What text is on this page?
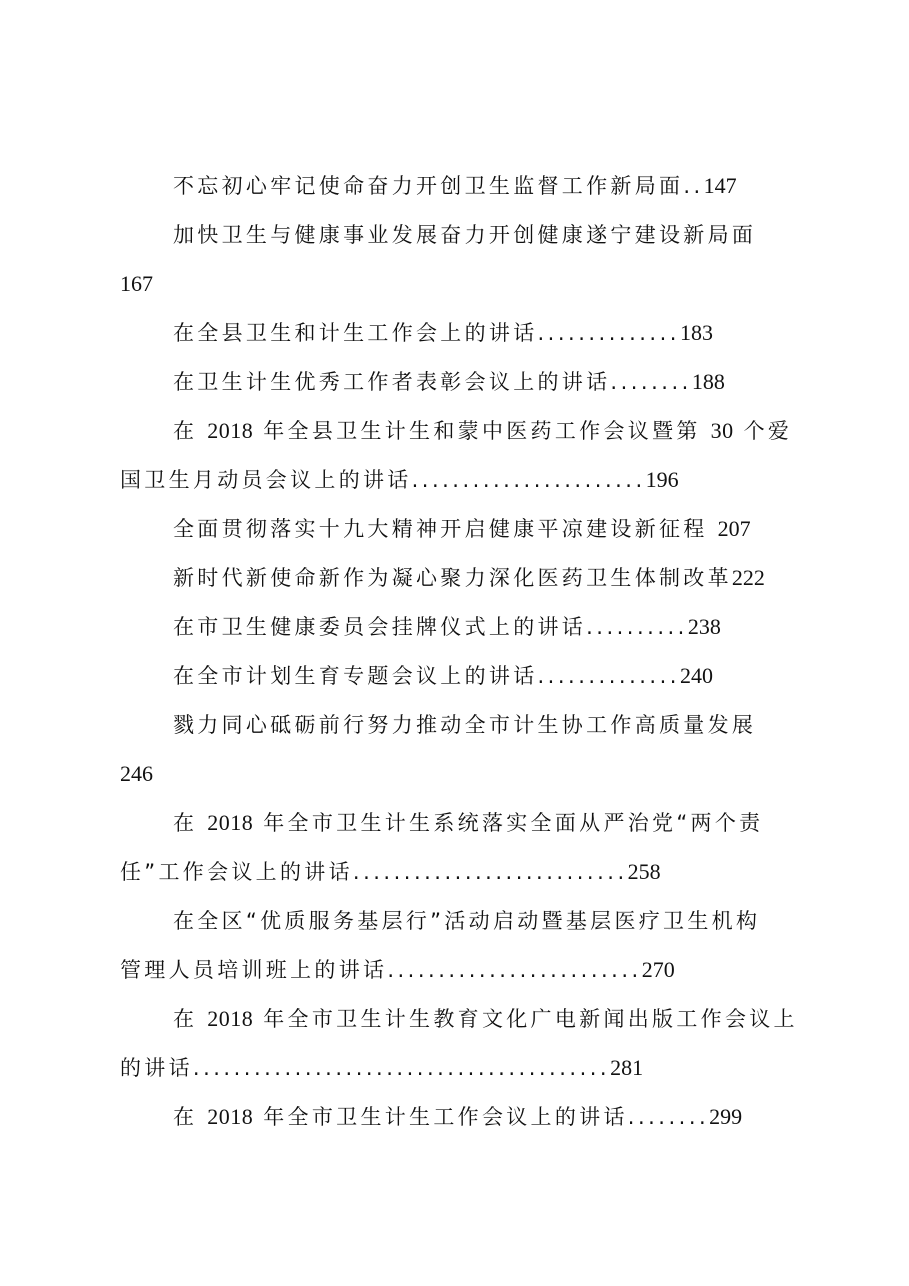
不忘初心牢记使命奋力开创卫生监督工作新局面..147
加快卫生与健康事业发展奋力开创健康遂宁建设新局面
167
在全县卫生和计生工作会上的讲话..............183
在卫生计生优秀工作者表彰会议上的讲话........188
在 2018 年全县卫生计生和蒙中医药工作会议暨第 30 个爱
国卫生月动员会议上的讲话.......................196
全面贯彻落实十九大精神开启健康平凉建设新征程 207
新时代新使命新作为凝心聚力深化医药卫生体制改革222
在市卫生健康委员会挂牌仪式上的讲话..........238
在全市计划生育专题会议上的讲话..............240
戮力同心砥砺前行努力推动全市计生协工作高质量发展
246
在 2018 年全市卫生计生系统落实全面从严治党“两个责
任”工作会议上的讲话...........................258
在全区“优质服务基层行”活动启动暨基层医疗卫生机构
管理人员培训班上的讲话.........................270
在 2018 年全市卫生计生教育文化广电新闻出版工作会议上
的讲话.........................................281
在 2018 年全市卫生计生工作会议上的讲话........299
